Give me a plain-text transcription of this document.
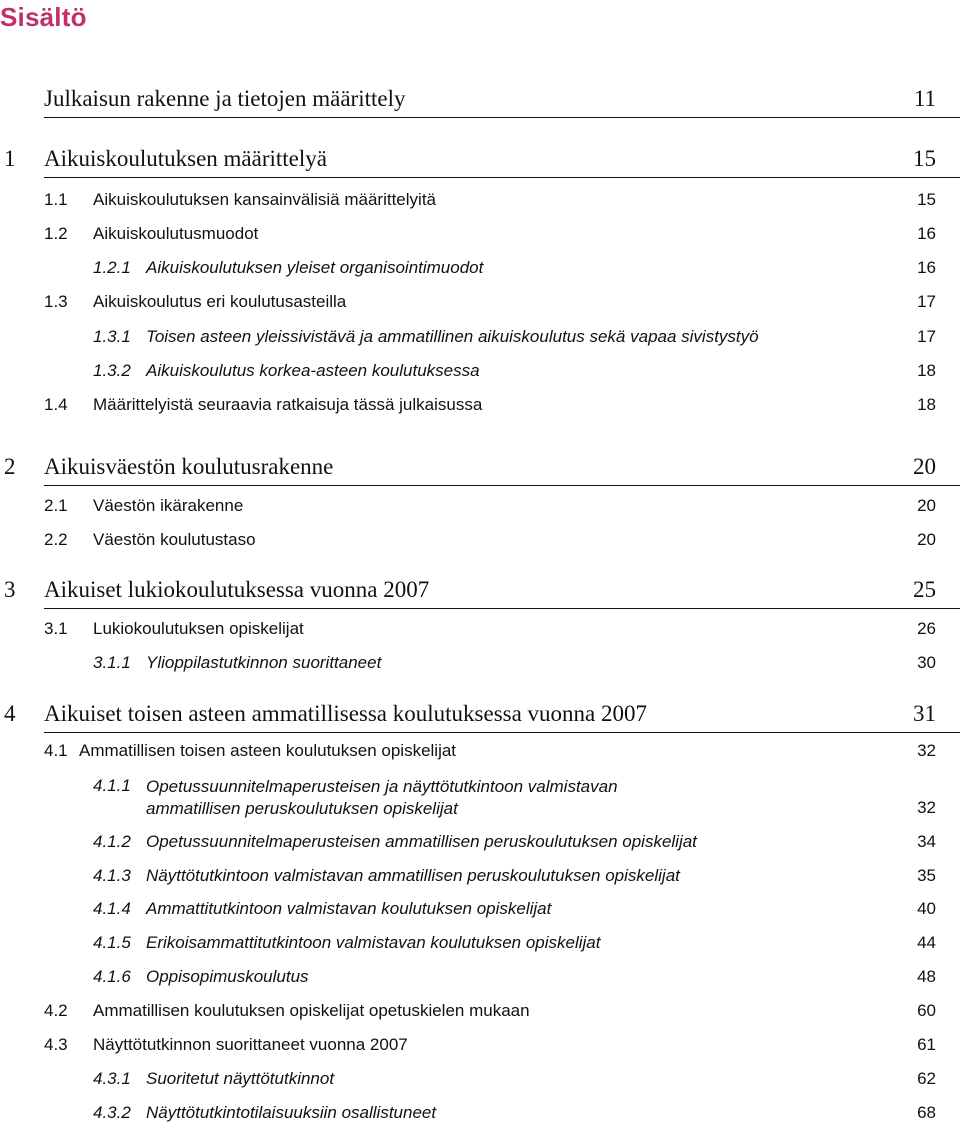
Sisältö
Julkaisun rakenne ja tietojen määrittely	11
1 Aikuiskoulutuksen määrittelyä	15
1.1 Aikuiskoulutuksen kansainvälisiä määrittelyitä	15
1.2 Aikuiskoulutusmuodot	16
1.2.1 Aikuiskoulutuksen yleiset organisointimuodot	16
1.3 Aikuiskoulutus eri koulutusasteilla	17
1.3.1 Toisen asteen yleissivistävä ja ammatillinen aikuiskoulutus sekä vapaa sivistystyö	17
1.3.2 Aikuiskoulutus korkea-asteen koulutuksessa	18
1.4 Määrittelyistä seuraavia ratkaisuja tässä julkaisussa	18
2 Aikuisväestön koulutusrakenne	20
2.1 Väestön ikärakenne	20
2.2 Väestön koulutustaso	20
3 Aikuiset lukiokoulutuksessa vuonna 2007	25
3.1 Lukiokoulutuksen opiskelijat	26
3.1.1 Ylioppilastutkinnon suorittaneet	30
4 Aikuiset toisen asteen ammatillisessa koulutuksessa vuonna 2007	31
4.1 Ammatillisen toisen asteen koulutuksen opiskelijat	32
4.1.1 Opetussuunnitelmaperusteisen ja näyttötutkintoon valmistavan
ammatillisen peruskoulutuksen opiskelijat	32
4.1.2 Opetussuunnitelmaperusteisen ammatillisen peruskoulutuksen opiskelijat	34
4.1.3 Näyttötutkintoon valmistavan ammatillisen peruskoulutuksen opiskelijat	35
4.1.4 Ammattitutkintoon valmistavan koulutuksen opiskelijat	40
4.1.5 Erikoisammattitutkintoon valmistavan koulutuksen opiskelijat	44
4.1.6 Oppisopimuskoulutus	48
4.2 Ammatillisen koulutuksen opiskelijat opetuskielen mukaan	60
4.3 Näyttötutkinnon suorittaneet vuonna 2007	61
4.3.1 Suoritetut näyttötutkinnot	62
4.3.2 Näyttötutkintotilaisuuksiin osallistuneet	68
